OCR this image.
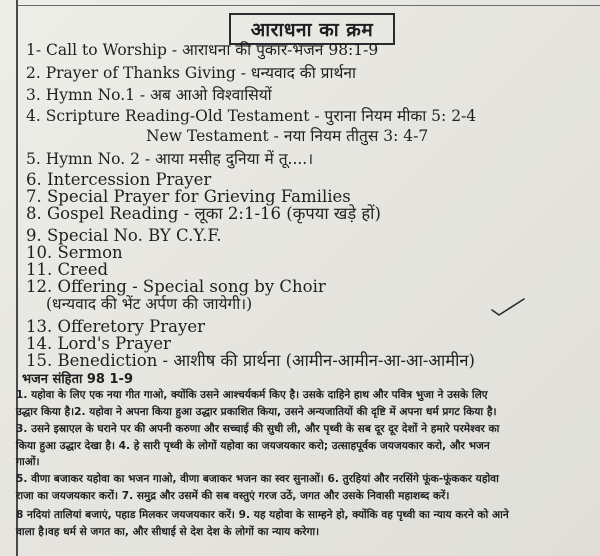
आराधना का क्रम
1- Call to Worship - आराधना की पुकार-भजन 98:1-9
2. Prayer of Thanks Giving - धन्यवाद की प्रार्थना
3. Hymn No.1 - अब आओ विश्वासियों
4. Scripture Reading-Old Testament - पुराना नियम मीका 5: 2-4
New Testament - नया नियम तीतुस 3: 4-7
5. Hymn No. 2 - आया मसीह दुनिया में तू....।
6. Intercession Prayer
7. Special Prayer for Grieving Families
8. Gospel Reading - लूका 2:1-16 (कृपया खड़े हों)
9. Special No. BY C.Y.F.
10. Sermon
11. Creed
12. Offering - Special song by Choir
(धन्यवाद की भेंट अर्पण की जायेगी।)
13. Offeretory Prayer
14. Lord's Prayer
15. Benediction - आशीष की प्रार्थना (आमीन-आमीन-आ-आ-आमीन)
भजन संहिता 98 1-9
1. यहोवा के लिए एक नया गीत गाओ, क्योंकि उसने आश्चर्यकर्म किए है। उसके दाहिने हाथ और पवित्र भुजा ने उसके लिए
उद्धार किया है।2. यहोवा ने अपना किया हुआ उद्धार प्रकाशित किया, उसने अन्यजातियों की दृष्टि में अपना धर्म प्रगट किया है।
3. उसने इस्राएल के घराने पर की अपनी करुणा और सच्चाई की सुधी ली, और पृथ्वी के सब दूर दूर देशों ने हमारे परमेश्वर का
किया हुआ उद्धार देखा है। 4. हे सारी पृथ्वी के लोगों यहोवा का जयजयकार करो; उत्साहपूर्वक जयजयकार करो, और भजन
गाओं।
5. वीणा बजाकर यहोवा का भजन गाओ, वीणा बजाकर भजन का स्वर सुनाओं। 6. तुरहियां और नरसिंगे फूंक-फूंककर यहोवा
राजा का जयजयकार करों। 7. समुद्र और उसमें की सब वस्तुएं गरज उठें, जगत और उसके निवासी महाशब्द करें।
8 नदियां तालियां बजाएं, पहाड मिलकर जयजयकार करें। 9. यह यहोवा के साम्हने हो, क्योंकि वह पृथ्वी का न्याय करने को आने
वाला है।वह धर्म से जगत का, और सीधाई से देश देश के लोगों का न्याय करेगा।
